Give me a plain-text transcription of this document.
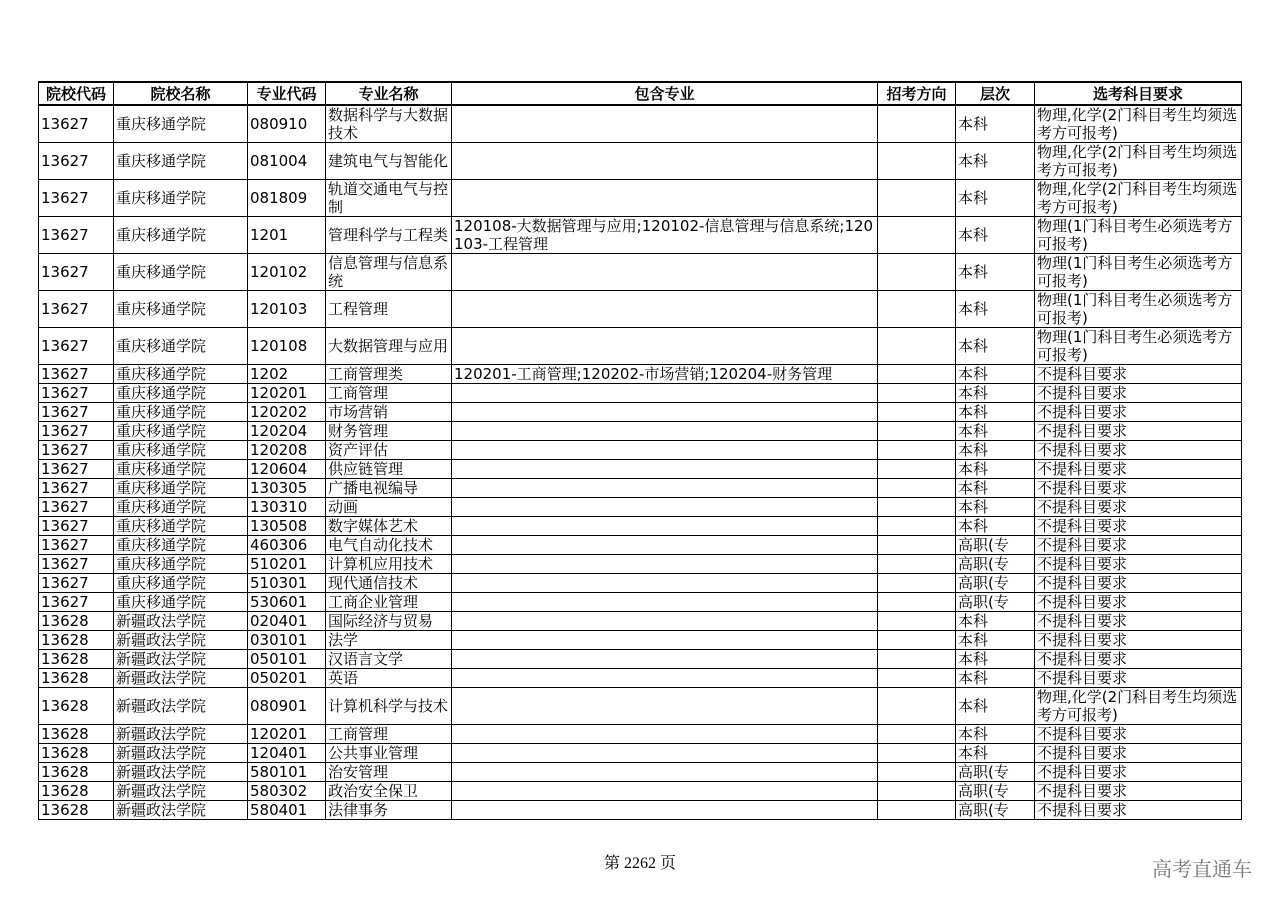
院校代码	院校名称	专业代码	专业名称	包含专业	招考方向	层次	选考科目要求
13627	重庆移通学院	080910	数据科学与大数据技术			本科	物理,化学(2门科目考生均须选考方可报考)
13627	重庆移通学院	081004	建筑电气与智能化			本科	物理,化学(2门科目考生均须选考方可报考)
13627	重庆移通学院	081809	轨道交通电气与控制			本科	物理,化学(2门科目考生均须选考方可报考)
13627	重庆移通学院	1201	管理科学与工程类	120108-大数据管理与应用;120102-信息管理与信息系统;120103-工程管理		本科	物理(1门科目考生必须选考方可报考)
13627	重庆移通学院	120102	信息管理与信息系统			本科	物理(1门科目考生必须选考方可报考)
13627	重庆移通学院	120103	工程管理			本科	物理(1门科目考生必须选考方可报考)
13627	重庆移通学院	120108	大数据管理与应用			本科	物理(1门科目考生必须选考方可报考)
13627	重庆移通学院	1202	工商管理类	120201-工商管理;120202-市场营销;120204-财务管理		本科	不提科目要求
13627	重庆移通学院	120201	工商管理			本科	不提科目要求
13627	重庆移通学院	120202	市场营销			本科	不提科目要求
13627	重庆移通学院	120204	财务管理			本科	不提科目要求
13627	重庆移通学院	120208	资产评估			本科	不提科目要求
13627	重庆移通学院	120604	供应链管理			本科	不提科目要求
13627	重庆移通学院	130305	广播电视编导			本科	不提科目要求
13627	重庆移通学院	130310	动画			本科	不提科目要求
13627	重庆移通学院	130508	数字媒体艺术			本科	不提科目要求
13627	重庆移通学院	460306	电气自动化技术			高职(专	不提科目要求
13627	重庆移通学院	510201	计算机应用技术			高职(专	不提科目要求
13627	重庆移通学院	510301	现代通信技术			高职(专	不提科目要求
13627	重庆移通学院	530601	工商企业管理			高职(专	不提科目要求
13628	新疆政法学院	020401	国际经济与贸易			本科	不提科目要求
13628	新疆政法学院	030101	法学			本科	不提科目要求
13628	新疆政法学院	050101	汉语言文学			本科	不提科目要求
13628	新疆政法学院	050201	英语			本科	不提科目要求
13628	新疆政法学院	080901	计算机科学与技术			本科	物理,化学(2门科目考生均须选考方可报考)
13628	新疆政法学院	120201	工商管理			本科	不提科目要求
13628	新疆政法学院	120401	公共事业管理			本科	不提科目要求
13628	新疆政法学院	580101	治安管理			高职(专	不提科目要求
13628	新疆政法学院	580302	政治安全保卫			高职(专	不提科目要求
13628	新疆政法学院	580401	法律事务			高职(专	不提科目要求
第 2262 页	高考直通车
